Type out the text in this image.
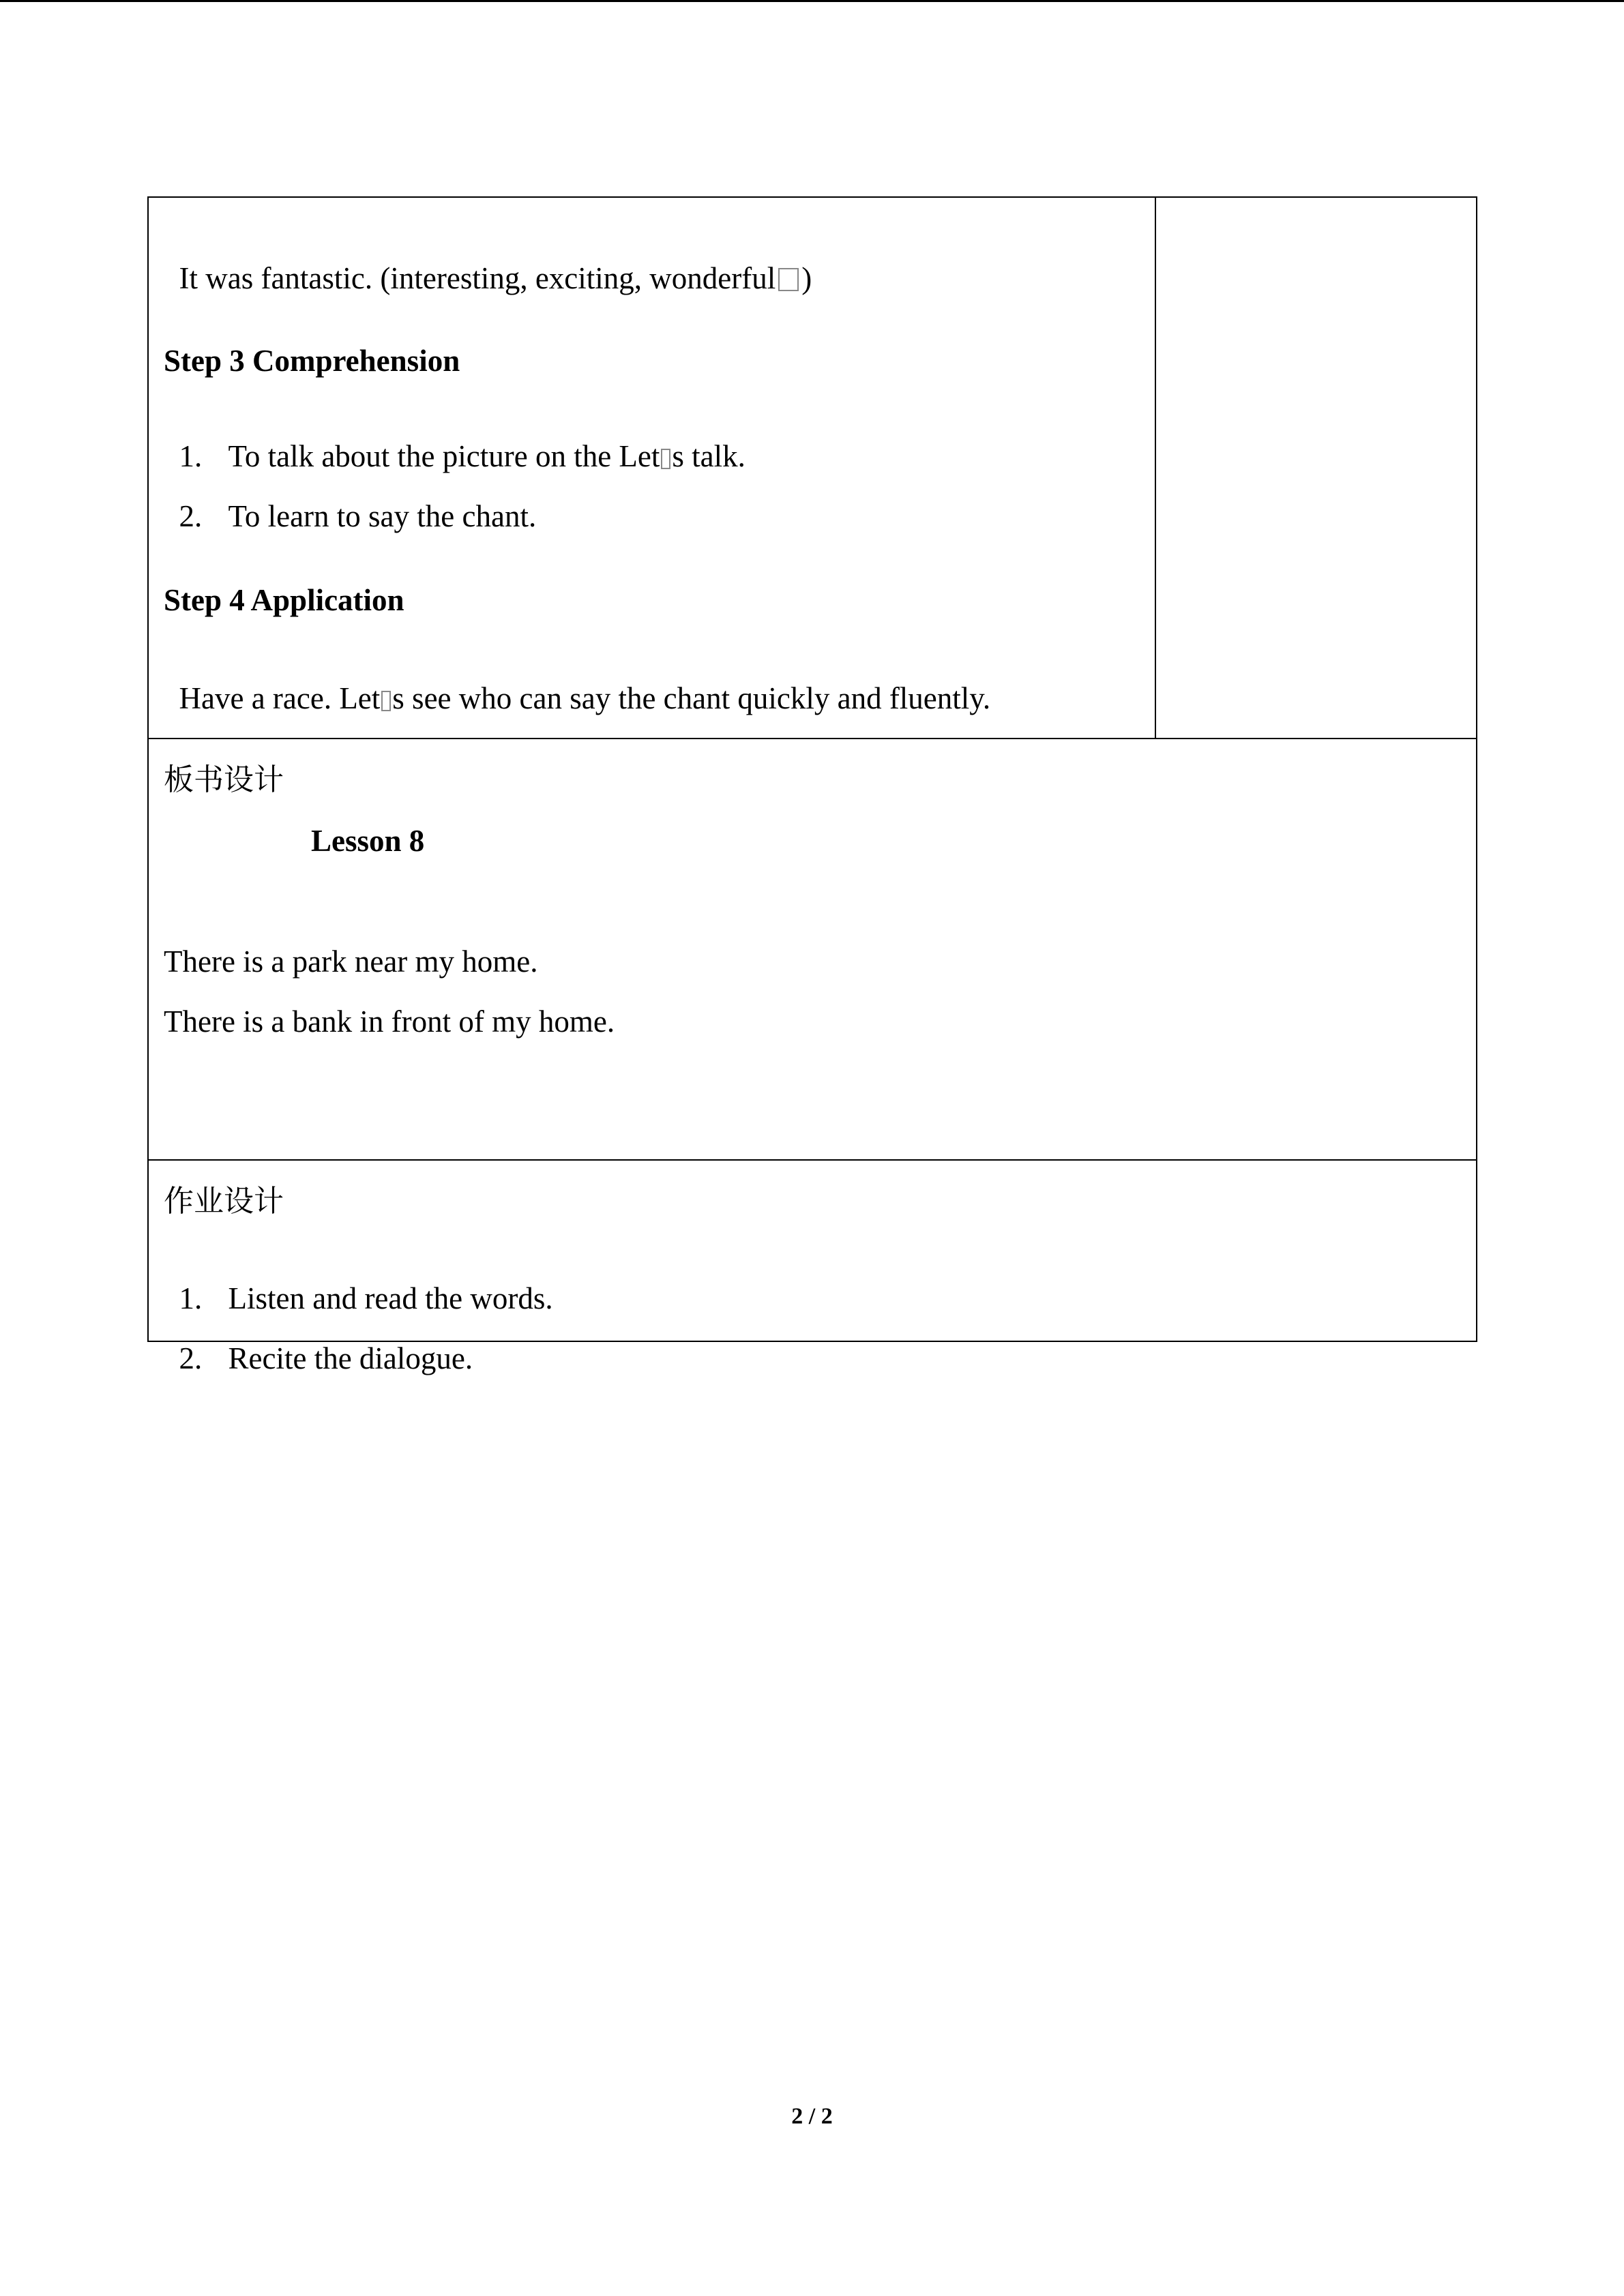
It was fantastic. (interesting, exciting, wonderful )

Step 3 Comprehension

1. To talk about the picture on the Let s talk.

2. To learn to say the chant.

Step 4 Application

Have a race. Let s see who can say the chant quickly and fluently.

板书设计
Lesson 8
There is a park near my home.
There is a bank in front of my home.
作业设计

1. Listen and read the words.

2. Recite the dialogue.

2 / 2
